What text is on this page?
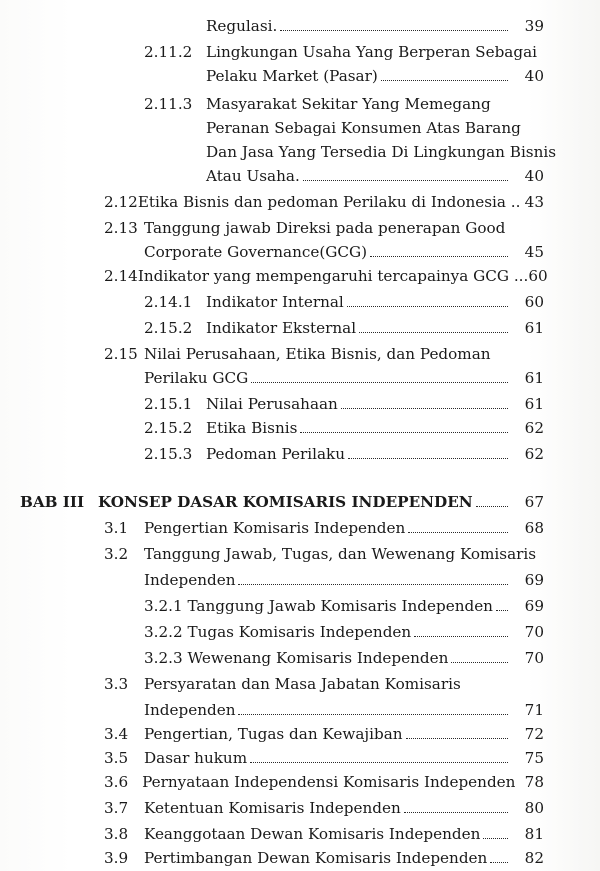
Regulasi.	39
2.11.2 Lingkungan Usaha Yang Berperan Sebagai
Pelaku Market (Pasar)	40
2.11.3 Masyarakat Sekitar Yang Memegang
Peranan Sebagai Konsumen Atas Barang
Dan Jasa Yang Tersedia Di Lingkungan Bisnis
Atau Usaha.	40
2.12 Etika Bisnis dan pedoman Perilaku di Indonesia .. 43
2.13 Tanggung jawab Direksi pada penerapan Good
Corporate Governance(GCG)	45
2.14 Indikator yang mempengaruhi tercapainya GCG ... 60
2.14.1 Indikator Internal	60
2.15.2 Indikator Eksternal	61
2.15 Nilai Perusahaan, Etika Bisnis, dan Pedoman
Perilaku GCG	61
2.15.1 Nilai Perusahaan	61
2.15.2 Etika Bisnis	62
2.15.3 Pedoman Perilaku	62
BAB III KONSEP DASAR KOMISARIS INDEPENDEN	67
3.1	Pengertian Komisaris Independen	68
3.2	Tanggung Jawab, Tugas, dan Wewenang Komisaris
Independen	69
3.2.1 Tanggung Jawab Komisaris Independen	69
3.2.2 Tugas Komisaris Independen	70
3.2.3 Wewenang Komisaris Independen	70
3.3	Persyaratan dan Masa Jabatan Komisaris
Independen	71
3.4	Pengertian, Tugas dan Kewajiban	72
3.5	Dasar hukum	75
3.6 Pernyataan Independensi Komisaris Independen 78
3.7	Ketentuan Komisaris Independen	80
3.8	Keanggotaan Dewan Komisaris Independen	81
3.9	Pertimbangan Dewan Komisaris Independen	82
